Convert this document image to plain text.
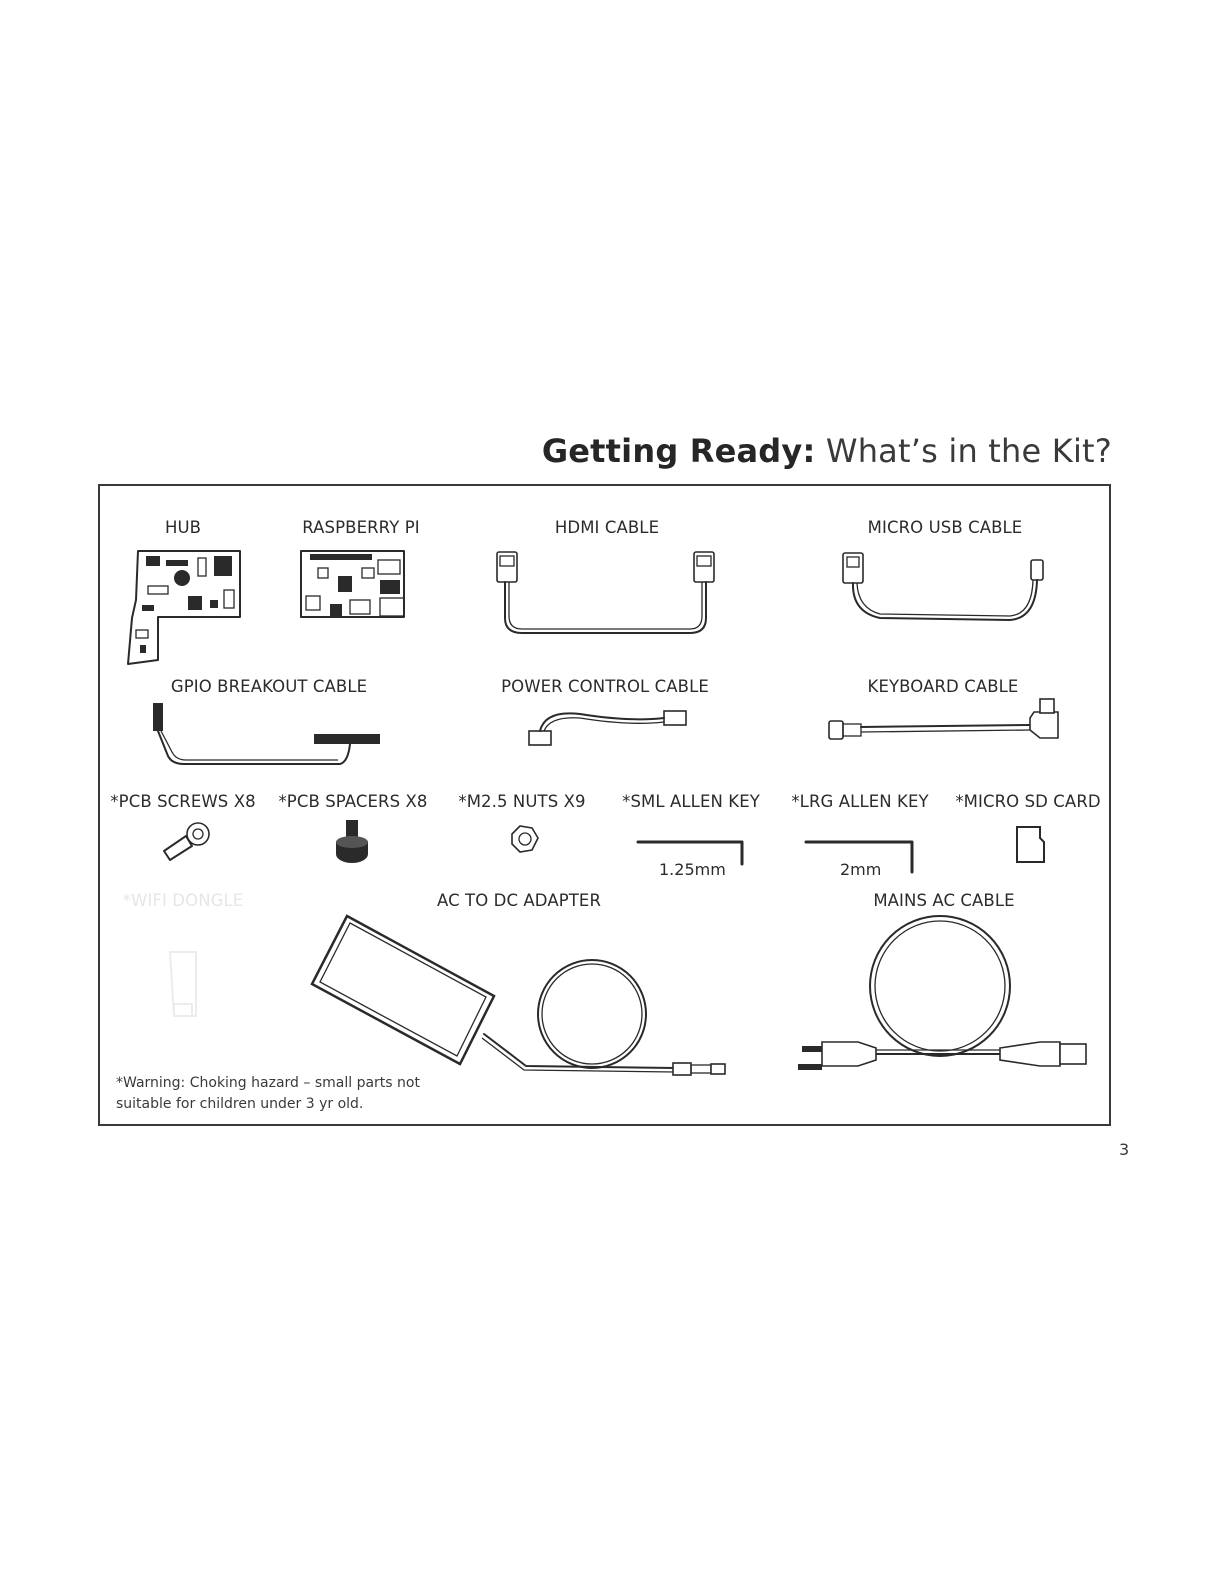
Getting Ready: What’s in the Kit?
HUB	RASPBERRY PI	HDMI CABLE	MICRO USB CABLE
GPIO BREAKOUT CABLE	POWER CONTROL CABLE	KEYBOARD CABLE
*PCB SCREWS X8 *PCB SPACERS X8 *M2.5 NUTS X9 *SML ALLEN KEY *LRG ALLEN KEY *MICRO SD CARD
1.25mm	2mm
*WIFI DONGLE	AC TO DC ADAPTER	MAINS AC CABLE
*Warning: Choking hazard – small parts not suitable for children under 3 yr old.
3
